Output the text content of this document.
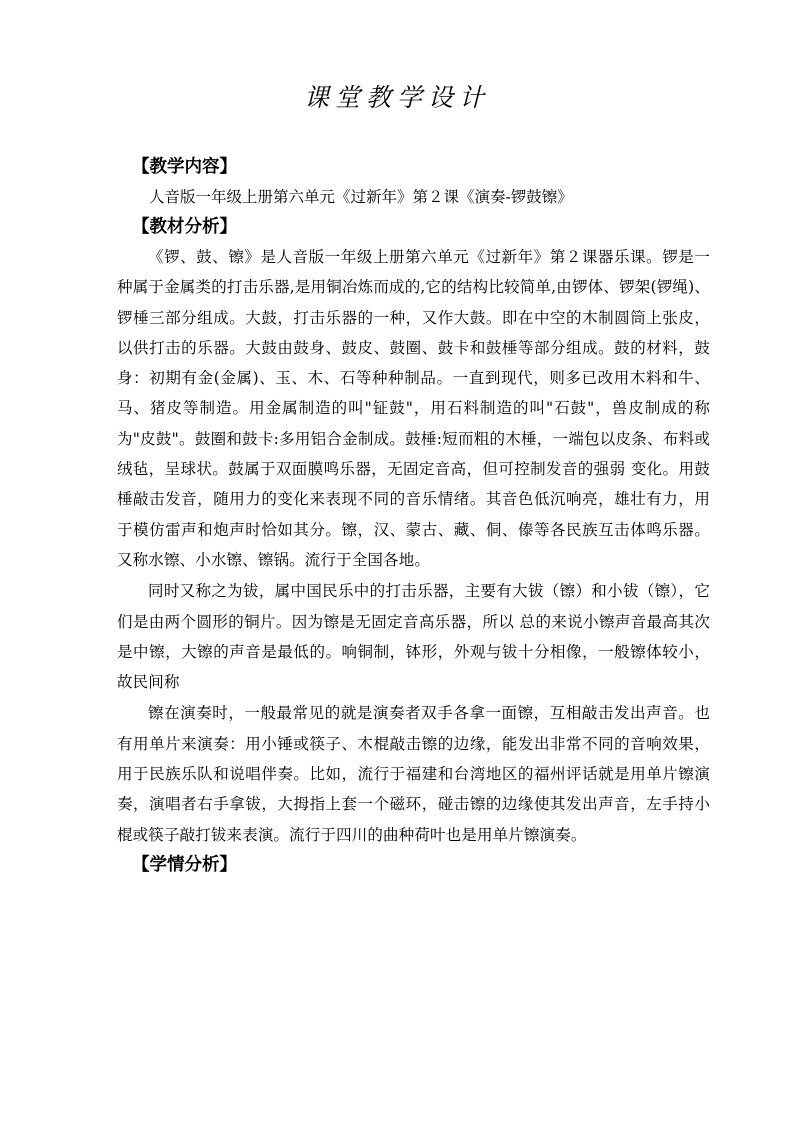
课堂教学设计
【教学内容】
人音版一年级上册第六单元《过新年》第２课《演奏-锣鼓镲》
【教材分析】

《锣、鼓、镲》是人音版一年级上册第六单元《过新年》第２课器乐课。锣是一种属于金属类的打击乐器,是用铜冶炼而成的,它的结构比较简单,由锣体、锣架(锣绳)、锣棰三部分组成。大鼓，打击乐器的一种，又作大鼓。即在中空的木制圆筒上张皮，以供打击的乐器。大鼓由鼓身、鼓皮、鼓圈、鼓卡和鼓棰等部分组成。鼓的材料，鼓身：初期有金(金属)、玉、木、石等种种制品。一直到现代，则多已改用木料和牛、马、猪皮等制造。用金属制造的叫"钲鼓"，用石料制造的叫"石鼓"，兽皮制成的称为"皮鼓"。鼓圈和鼓卡:多用铝合金制成。鼓棰:短而粗的木棰，一端包以皮条、布料或绒毡，呈球状。鼓属于双面膜鸣乐器，无固定音高，但可控制发音的强弱 变化。用鼓棰敲击发音，随用力的变化来表现不同的音乐情绪。其音色低沉响亮，雄壮有力，用于模仿雷声和炮声时恰如其分。镲，汉、蒙古、藏、侗、傣等各民族互击体鸣乐器。又称水镲、小水镲、镲锅。流行于全国各地。

同时又称之为钹，属中国民乐中的打击乐器，主要有大钹（镲）和小钹（镲），它们是由两个圆形的铜片。因为镲是无固定音高乐器，所以 总的来说小镲声音最高其次是中镲，大镲的声音是最低的。响铜制，钵形，外观与钹十分相像，一般镲体较小，故民间称

镲在演奏时，一般最常见的就是演奏者双手各拿一面镲，互相敲击发出声音。也有用单片来演奏：用小锤或筷子、木棍敲击镲的边缘，能发出非常不同的音响效果，用于民族乐队和说唱伴奏。比如，流行于福建和台湾地区的福州评话就是用单片镲演奏，演唱者右手拿钹，大拇指上套一个磁环，碰击镲的边缘使其发出声音，左手持小棍或筷子敲打钹来表演。流行于四川的曲种荷叶也是用单片镲演奏。

【学情分析】
